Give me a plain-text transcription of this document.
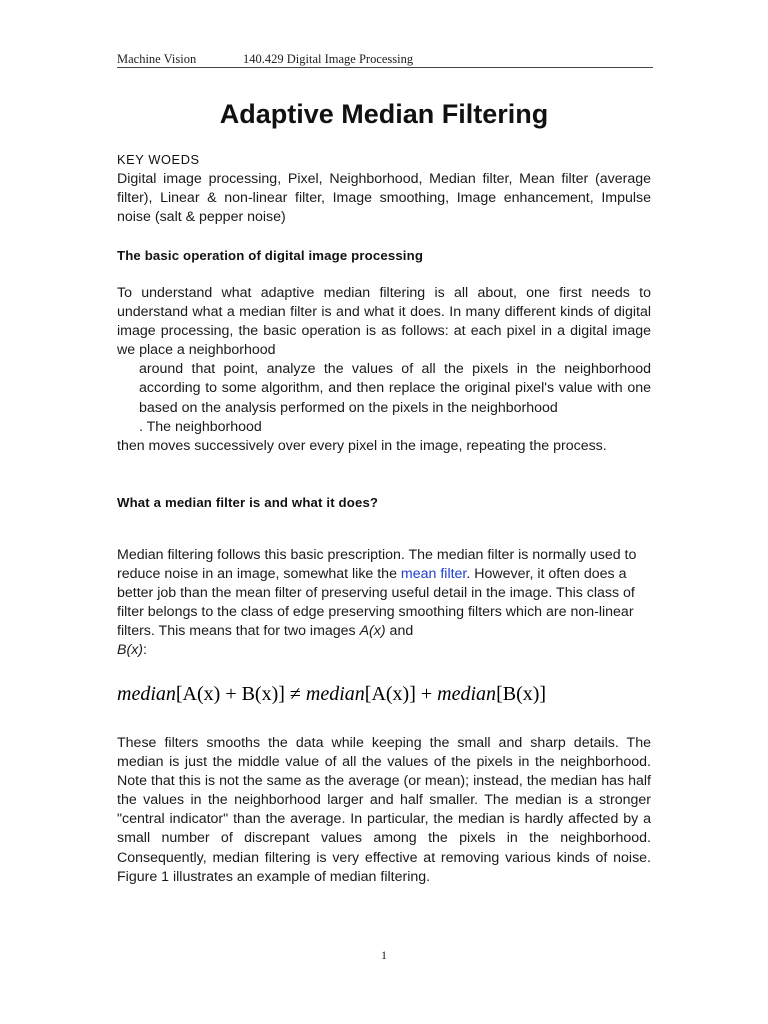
Machine Vision	140.429 Digital Image Processing
Adaptive Median Filtering
KEY WOEDS
Digital image processing, Pixel, Neighborhood, Median filter, Mean filter (average filter), Linear & non-linear filter, Image smoothing, Image enhancement, Impulse noise (salt & pepper noise)
The basic operation of digital image processing
To understand what adaptive median filtering is all about, one first needs to understand what a median filter is and what it does. In many different kinds of digital image processing, the basic operation is as follows: at each pixel in a digital image we place a neighborhood
around that point, analyze the values of all the pixels in the neighborhood according to some algorithm, and then replace the original pixel's value with one based on the analysis performed on the pixels in the neighborhood
. The neighborhood
then moves successively over every pixel in the image, repeating the process.
What a median filter is and what it does?
Median filtering follows this basic prescription. The median filter is normally used to reduce noise in an image, somewhat like the mean filter. However, it often does a better job than the mean filter of preserving useful detail in the image. This class of filter belongs to the class of edge preserving smoothing filters which are non-linear filters. This means that for two images A(x) and
B(x):
median[A(x) + B(x)] ≠ median[A(x)] + median[B(x)]
These filters smooths the data while keeping the small and sharp details. The median is just the middle value of all the values of the pixels in the neighborhood. Note that this is not the same as the average (or mean); instead, the median has half the values in the neighborhood larger and half smaller. The median is a stronger "central indicator" than the average. In particular, the median is hardly affected by a small number of discrepant values among the pixels in the neighborhood. Consequently, median filtering is very effective at removing various kinds of noise. Figure 1 illustrates an example of median filtering.
1
